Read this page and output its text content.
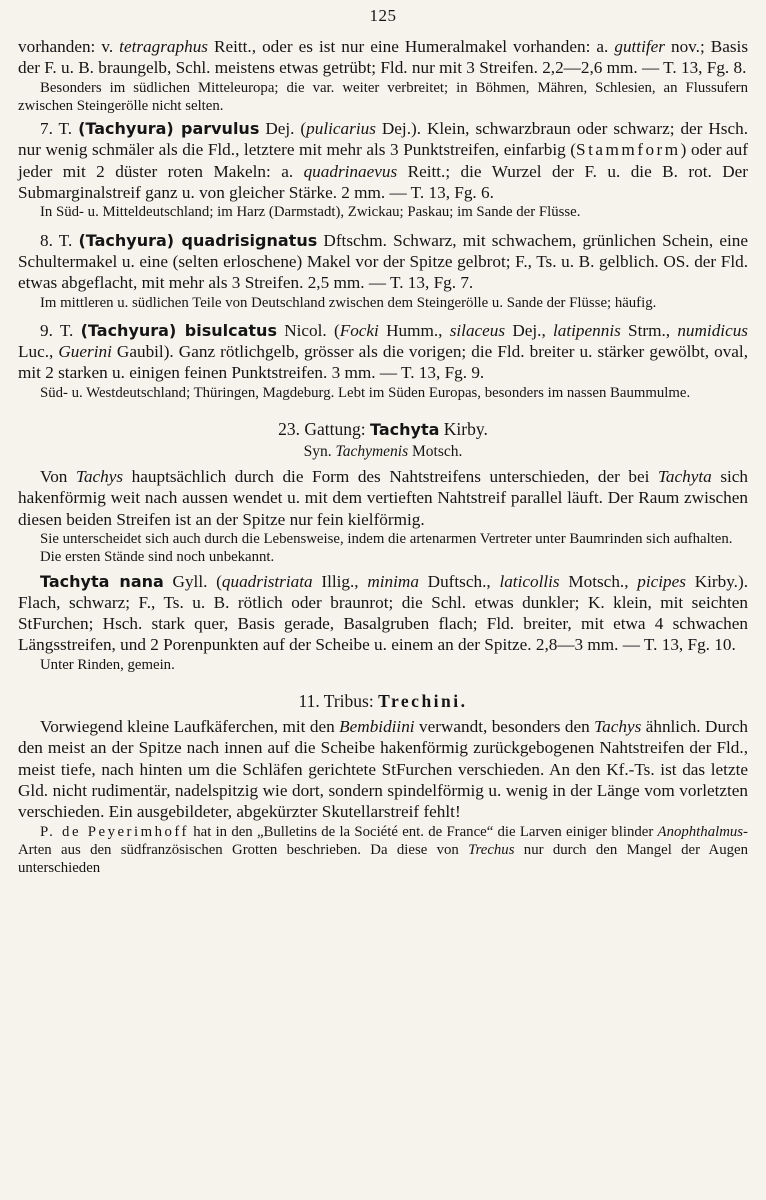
125

vorhanden: v. tetragraphus Reitt., oder es ist nur eine Humeralmakel vorhanden: a. guttifer nov.; Basis der F. u. B. braungelb, Schl. meistens etwas getrübt; Fld. nur mit 3 Streifen. 2,2—2,6 mm. — T. 13, Fg. 8.

Besonders im südlichen Mitteleuropa; die var. weiter verbreitet; in Böhmen, Mähren, Schlesien, an Flussufern zwischen Steingerölle nicht selten.

7. T. (Tachyura) parvulus Dej. (pulicarius Dej.). Klein, schwarzbraun oder schwarz; der Hsch. nur wenig schmäler als die Fld., letztere mit mehr als 3 Punktstreifen, einfarbig (Stammform) oder auf jeder mit 2 düster roten Makeln: a. quadrinaevus Reitt.; die Wurzel der F. u. die B. rot. Der Submarginalstreif ganz u. von gleicher Stärke. 2 mm. — T. 13, Fg. 6.

In Süd- u. Mitteldeutschland; im Harz (Darmstadt), Zwickau; Paskau; im Sande der Flüsse.

8. T. (Tachyura) quadrisignatus Dftschm. Schwarz, mit schwachem, grünlichen Schein, eine Schultermakel u. eine (selten erloschene) Makel vor der Spitze gelbrot; F., Ts. u. B. gelblich. OS. der Fld. etwas abgeflacht, mit mehr als 3 Streifen. 2,5 mm. — T. 13, Fg. 7.

Im mittleren u. südlichen Teile von Deutschland zwischen dem Steingerölle u. Sande der Flüsse; häufig.

9. T. (Tachyura) bisulcatus Nicol. (Focki Humm., silaceus Dej., latipennis Strm., numidicus Luc., Guerini Gaubil). Ganz rötlichgelb, grösser als die vorigen; die Fld. breiter u. stärker gewölbt, oval, mit 2 starken u. einigen feinen Punktstreifen. 3 mm. — T. 13, Fg. 9.

Süd- u. Westdeutschland; Thüringen, Magdeburg. Lebt im Süden Europas, besonders im nassen Baummulme.

23. Gattung: Tachyta Kirby.
Syn. Tachymenis Motsch.

Von Tachys hauptsächlich durch die Form des Nahtstreifens unterschieden, der bei Tachyta sich hakenförmig weit nach aussen wendet u. mit dem vertieften Nahtstreif parallel läuft. Der Raum zwischen diesen beiden Streifen ist an der Spitze nur fein kielförmig.

Sie unterscheidet sich auch durch die Lebensweise, indem die artenarmen Vertreter unter Baumrinden sich aufhalten.

Die ersten Stände sind noch unbekannt.

Tachyta nana Gyll. (quadristriata Illig., minima Duftsch., laticollis Motsch., picipes Kirby.). Flach, schwarz; F., Ts. u. B. rötlich oder braunrot; die Schl. etwas dunkler; K. klein, mit seichten StFurchen; Hsch. stark quer, Basis gerade, Basalgruben flach; Fld. breiter, mit etwa 4 schwachen Längsstreifen, und 2 Porenpunkten auf der Scheibe u. einem an der Spitze. 2,8—3 mm. — T. 13, Fg. 10.

Unter Rinden, gemein.

11. Tribus: Trechini.

Vorwiegend kleine Laufkäferchen, mit den Bembidiini verwandt, besonders den Tachys ähnlich. Durch den meist an der Spitze nach innen auf die Scheibe hakenförmig zurückgebogenen Nahtstreifen der Fld., meist tiefe, nach hinten um die Schläfen gerichtete StFurchen verschieden. An den Kf.-Ts. ist das letzte Gld. nicht rudimentär, nadelspitzig wie dort, sondern spindelförmig u. wenig in der Länge vom vorletzten verschieden. Ein ausgebildeter, abgekürzter Skutellarstreif fehlt!

P. de Peyerimhoff hat in den „Bulletins de la Société ent. de France“ die Larven einiger blinder Anophthalmus-Arten aus den südfranzösischen Grotten beschrieben. Da diese von Trechus nur durch den Mangel der Augen unterschieden
